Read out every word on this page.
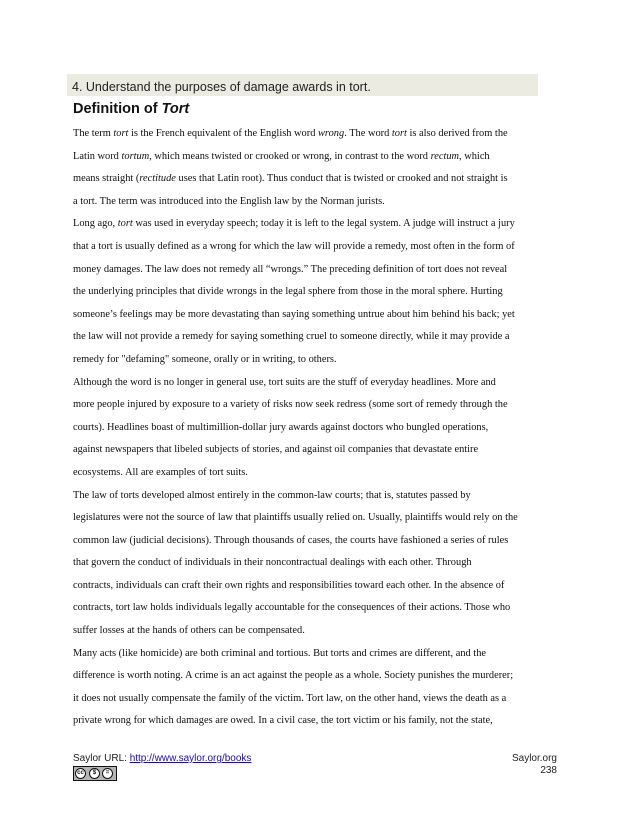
4. Understand the purposes of damage awards in tort.
Definition of Tort
The term tort is the French equivalent of the English word wrong. The word tort is also derived from the
Latin word tortum, which means twisted or crooked or wrong, in contrast to the word rectum, which
means straight (rectitude uses that Latin root). Thus conduct that is twisted or crooked and not straight is
a tort. The term was introduced into the English law by the Norman jurists.
Long ago, tort was used in everyday speech; today it is left to the legal system. A judge will instruct a jury
that a tort is usually defined as a wrong for which the law will provide a remedy, most often in the form of
money damages. The law does not remedy all “wrongs.” The preceding definition of tort does not reveal
the underlying principles that divide wrongs in the legal sphere from those in the moral sphere. Hurting
someone’s feelings may be more devastating than saying something untrue about him behind his back; yet
the law will not provide a remedy for saying something cruel to someone directly, while it may provide a
remedy for "defaming" someone, orally or in writing, to others.
Although the word is no longer in general use, tort suits are the stuff of everyday headlines. More and
more people injured by exposure to a variety of risks now seek redress (some sort of remedy through the
courts). Headlines boast of multimillion-dollar jury awards against doctors who bungled operations,
against newspapers that libeled subjects of stories, and against oil companies that devastate entire
ecosystems. All are examples of tort suits.
The law of torts developed almost entirely in the common-law courts; that is, statutes passed by
legislatures were not the source of law that plaintiffs usually relied on. Usually, plaintiffs would rely on the
common law (judicial decisions). Through thousands of cases, the courts have fashioned a series of rules
that govern the conduct of individuals in their noncontractual dealings with each other. Through
contracts, individuals can craft their own rights and responsibilities toward each other. In the absence of
contracts, tort law holds individuals legally accountable for the consequences of their actions. Those who
suffer losses at the hands of others can be compensated.
Many acts (like homicide) are both criminal and tortious. But torts and crimes are different, and the
difference is worth noting. A crime is an act against the people as a whole. Society punishes the murderer;
it does not usually compensate the family of the victim. Tort law, on the other hand, views the death as a
private wrong for which damages are owed. In a civil case, the tort victim or his family, not the state,
Saylor URL: http://www.saylor.org/books	Saylor.org
238
cc	$	=
